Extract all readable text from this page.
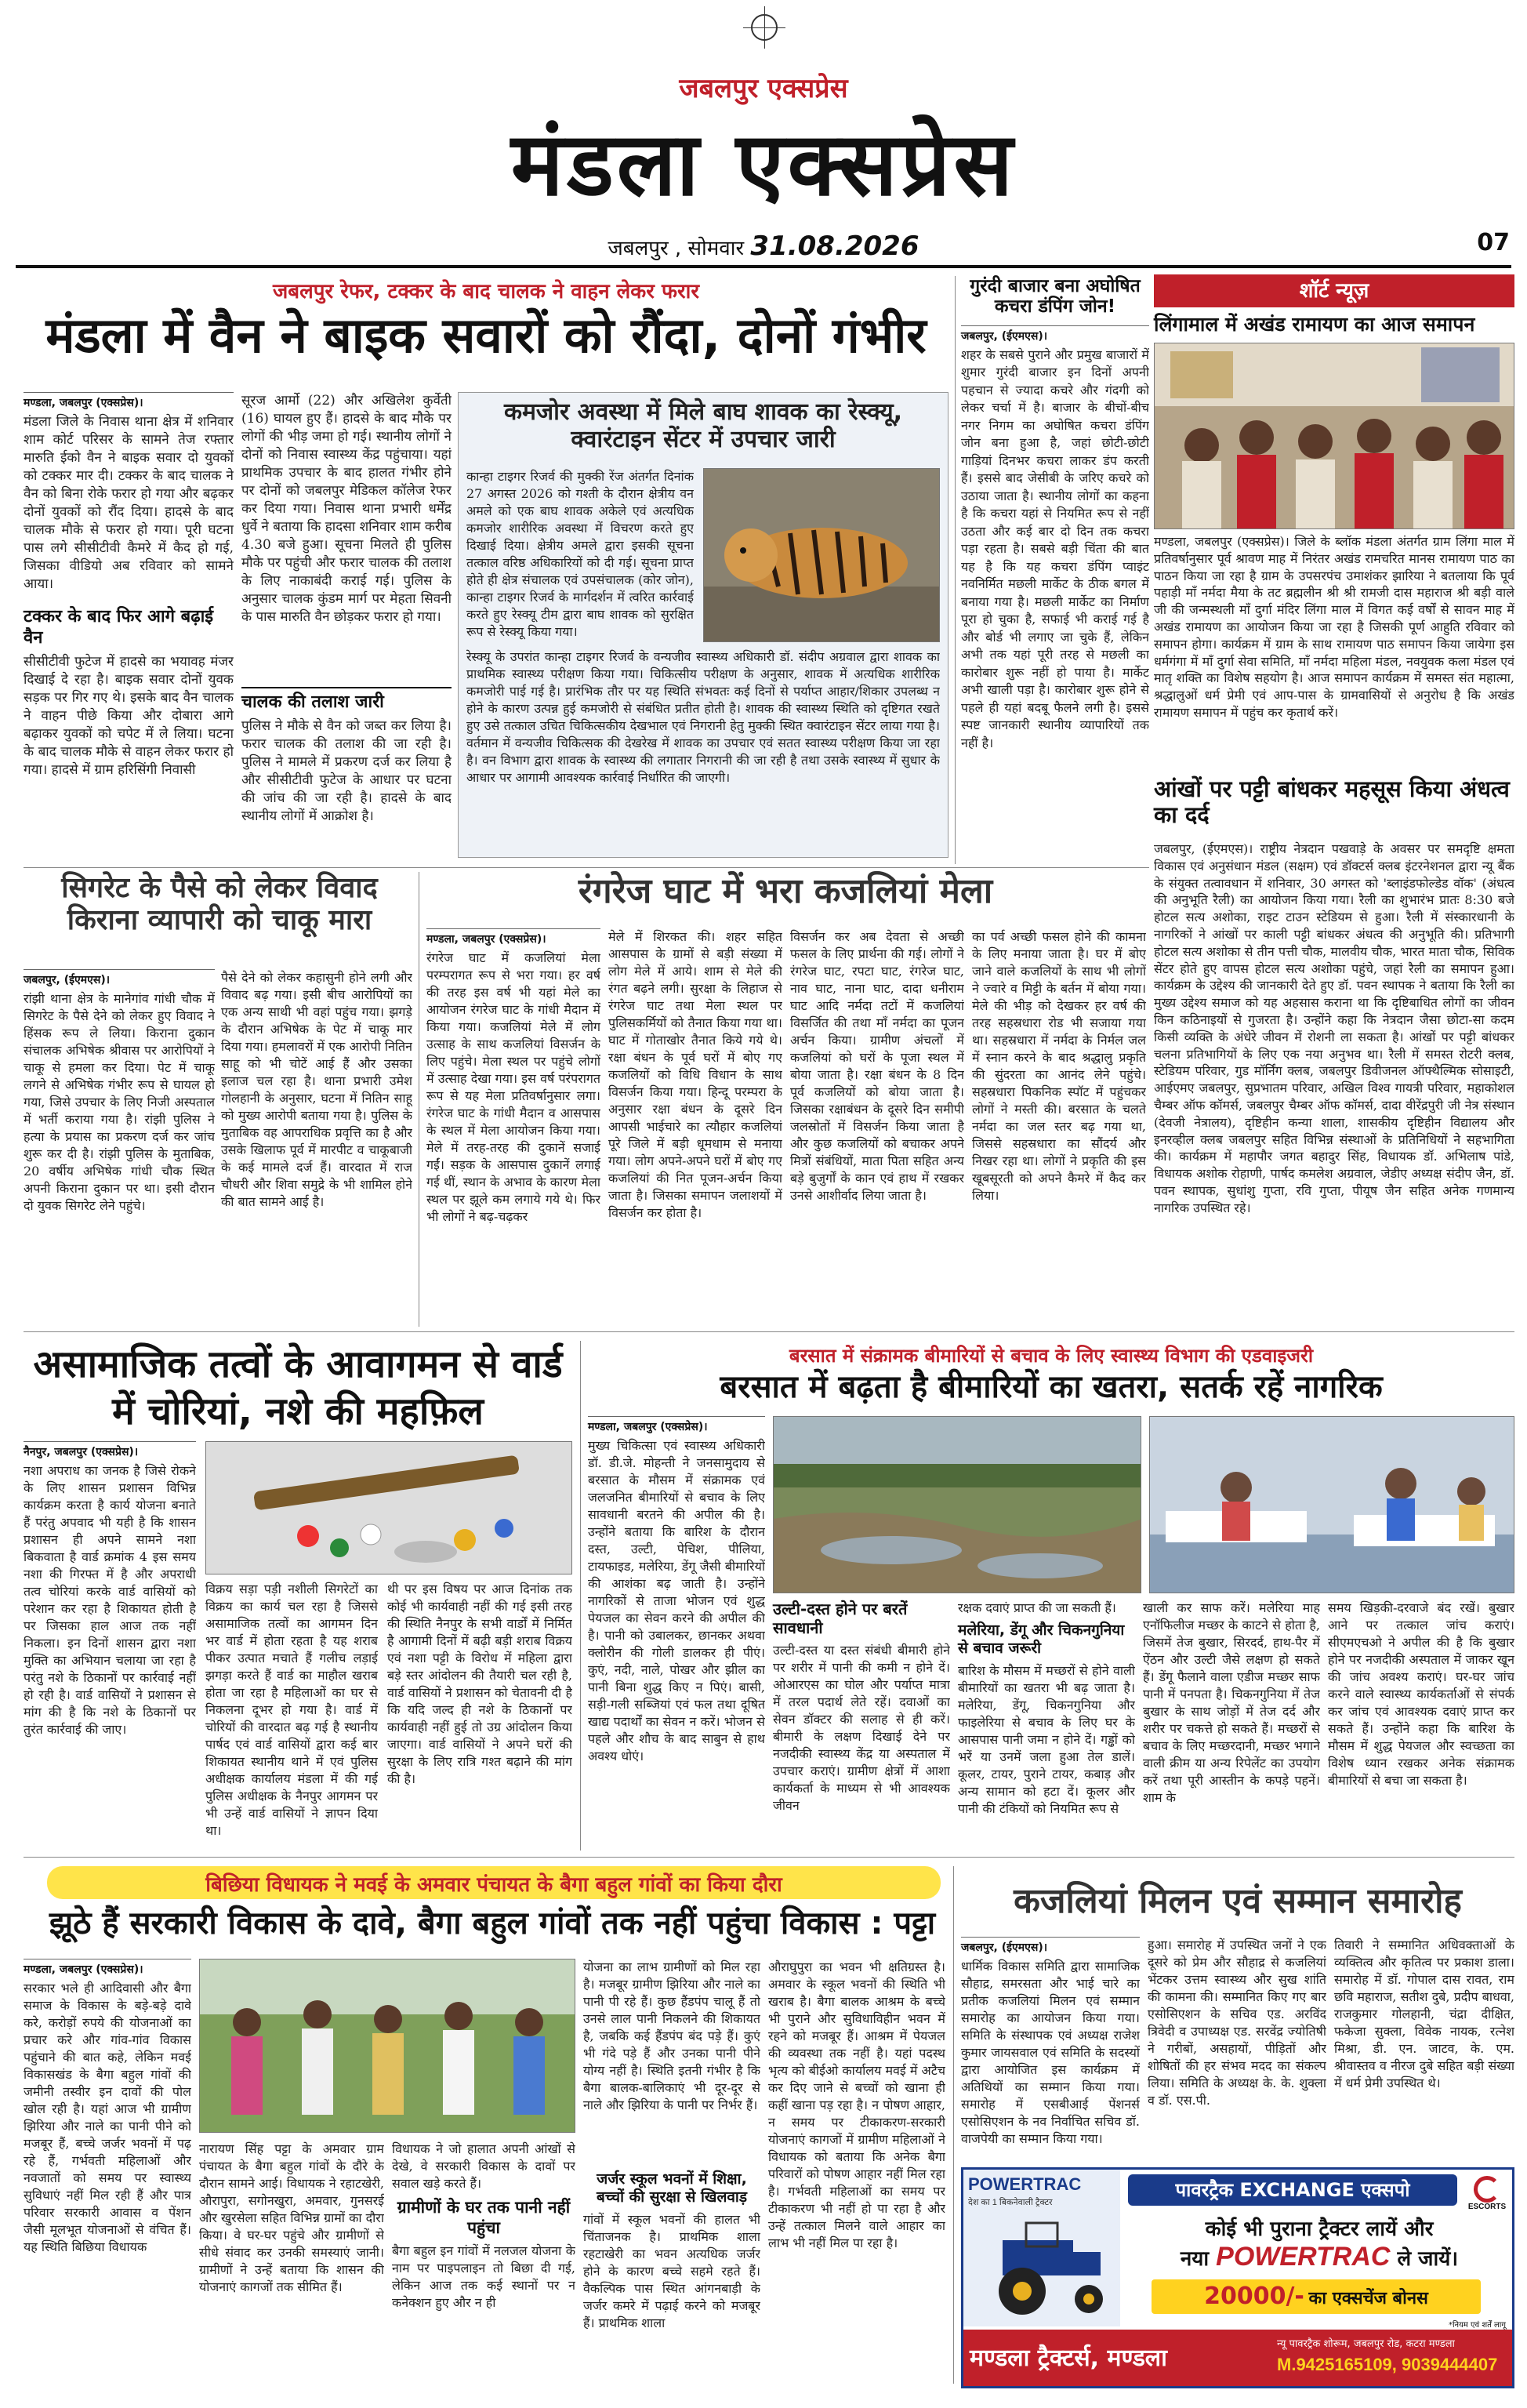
जबलपुर एक्सप्रेस
मंडला एक्सप्रेस
जबलपुर , सोमवार 31.08.2026	07
जबलपुर रेफर, टक्कर के बाद चालक ने वाहन लेकर फरार
मंडला में वैन ने बाइक सवारों को रौंदा, दोनों गंभीर
मण्डला, जबलपुर (एक्सप्रेस)।
मंडला जिले के निवास थाना क्षेत्र में शनिवार शाम कोर्ट परिसर के सामने तेज रफ्तार मारुति ईको वैन ने बाइक सवार दो युवकों को टक्कर मार दी। टक्कर के बाद चालक ने वैन को बिना रोके फरार हो गया और बढ़कर दोनों युवकों को रौंद दिया। हादसे के बाद चालक मौके से फरार हो गया। पूरी घटना पास लगे सीसीटीवी कैमरे में कैद हो गई, जिसका वीडियो अब रविवार को सामने आया।
टक्कर के बाद फिर आगे बढ़ाई वैन
सीसीटीवी फुटेज में हादसे का भयावह मंजर दिखाई दे रहा है। बाइक सवार दोनों युवक सड़क पर गिर गए थे। इसके बाद वैन चालक ने वाहन पीछे किया और दोबारा आगे बढ़ाकर युवकों को चपेट में ले लिया। घटना के बाद चालक मौके से वाहन लेकर फरार हो गया। हादसे में ग्राम हरिसिंगी निवासी
सूरज आर्मो (22) और अखिलेश कुर्वेती (16) घायल हुए हैं। हादसे के बाद मौके पर लोगों की भीड़ जमा हो गई। स्थानीय लोगों ने दोनों को निवास स्वास्थ्य केंद्र पहुंचाया। यहां प्राथमिक उपचार के बाद हालत गंभीर होने पर दोनों को जबलपुर मेडिकल कॉलेज रेफर कर दिया गया। निवास थाना प्रभारी धर्मेंद्र धुर्वे ने बताया कि हादसा शनिवार शाम करीब 4.30 बजे हुआ। सूचना मिलते ही पुलिस मौके पर पहुंची और फरार चालक की तलाश के लिए नाकाबंदी कराई गई। पुलिस के अनुसार चालक कुंडम मार्ग पर मेहता सिवनी के पास मारुति वैन छोड़कर फरार हो गया।
चालक की तलाश जारी
पुलिस ने मौके से वैन को जब्त कर लिया है। फरार चालक की तलाश की जा रही है। पुलिस ने मामले में प्रकरण दर्ज कर लिया है और सीसीटीवी फुटेज के आधार पर घटना की जांच की जा रही है। हादसे के बाद स्थानीय लोगों में आक्रोश है।
कमजोर अवस्था में मिले बाघ शावक का रेस्क्यू, क्वारंटाइन सेंटर में उपचार जारी
कान्हा टाइगर रिजर्व की मुक्की रेंज अंतर्गत दिनांक 27 अगस्त 2026 को गश्ती के दौरान क्षेत्रीय वन अमले को एक बाघ शावक अकेले एवं अत्यधिक कमजोर शारीरिक अवस्था में विचरण करते हुए दिखाई दिया। क्षेत्रीय अमले द्वारा इसकी सूचना तत्काल वरिष्ठ अधिकारियों को दी गई। सूचना प्राप्त होते ही क्षेत्र संचालक एवं उपसंचालक (कोर जोन), कान्हा टाइगर रिजर्व के मार्गदर्शन में त्वरित कार्रवाई करते हुए रेस्क्यू टीम द्वारा बाघ शावक को सुरक्षित रूप से रेस्क्यू किया गया।
रेस्क्यू के उपरांत कान्हा टाइगर रिजर्व के वन्यजीव स्वास्थ्य अधिकारी डॉ. संदीप अग्रवाल द्वारा शावक का प्राथमिक स्वास्थ्य परीक्षण किया गया। चिकित्सीय परीक्षण के अनुसार, शावक में अत्यधिक शारीरिक कमजोरी पाई गई है। प्रारंभिक तौर पर यह स्थिति संभवतः कई दिनों से पर्याप्त आहार/शिकार उपलब्ध न होने के कारण उत्पन्न हुई कमजोरी से संबंधित प्रतीत होती है। शावक की स्वास्थ्य स्थिति को दृष्टिगत रखते हुए उसे तत्काल उचित चिकित्सकीय देखभाल एवं निगरानी हेतु मुक्की स्थित क्वारंटाइन सेंटर लाया गया है। वर्तमान में वन्यजीव चिकित्सक की देखरेख में शावक का उपचार एवं सतत स्वास्थ्य परीक्षण किया जा रहा है। वन विभाग द्वारा शावक के स्वास्थ्य की लगातार निगरानी की जा रही है तथा उसके स्वास्थ्य में सुधार के आधार पर आगामी आवश्यक कार्रवाई निर्धारित की जाएगी।
गुरंदी बाजार बना अघोषित कचरा डंपिंग जोन!
जबलपुर, (ईएमएस)।
शहर के सबसे पुराने और प्रमुख बाजारों में शुमार गुरंदी बाजार इन दिनों अपनी पहचान से ज्यादा कचरे और गंदगी को लेकर चर्चा में है। बाजार के बीचों-बीच नगर निगम का अघोषित कचरा डंपिंग जोन बना हुआ है, जहां छोटी-छोटी गाड़ियां दिनभर कचरा लाकर डंप करती हैं। इससे बाद जेसीबी के जरिए कचरे को उठाया जाता है। स्थानीय लोगों का कहना है कि कचरा यहां से नियमित रूप से नहीं उठता और कई बार दो दिन तक कचरा पड़ा रहता है। सबसे बड़ी चिंता की बात यह है कि यह कचरा डंपिंग प्वाइंट नवनिर्मित मछली मार्केट के ठीक बगल में बनाया गया है। मछली मार्केट का निर्माण पूरा हो चुका है, सफाई भी कराई गई है और बोर्ड भी लगाए जा चुके हैं, लेकिन अभी तक यहां पूरी तरह से मछली का कारोबार शुरू नहीं हो पाया है। मार्केट अभी खाली पड़ा है। कारोबार शुरू होने से पहले ही यहां बदबू फैलने लगी है। इससे स्पष्ट जानकारी स्थानीय व्यापारियों तक नहीं है।
शॉर्ट न्यूज़
लिंगामाल में अखंड रामायण का आज समापन
मण्डला, जबलपुर (एक्सप्रेस)। जिले के ब्लॉक मंडला अंतर्गत ग्राम लिंगा माल में प्रतिवर्षानुसार पूर्व श्रावण माह में निरंतर अखंड रामचरित मानस रामायण पाठ का पाठन किया जा रहा है ग्राम के उपसरपंच उमाशंकर झारिया ने बतलाया कि पूर्व पहाड़ी माँ नर्मदा मैया के तट ब्रह्मलीन श्री श्री रामजी दास महाराज श्री बड़ी वाले जी की जन्मस्थली माँ दुर्गा मंदिर लिंगा माल में विगत कई वर्षों से सावन माह में अखंड रामायण का आयोजन किया जा रहा है जिसकी पूर्ण आहुति रविवार को समापन होगा। कार्यक्रम में ग्राम के साथ रामायण पाठ समापन किया जायेगा इस धर्मगंगा में माँ दुर्गा सेवा समिति, माँ नर्मदा महिला मंडल, नवयुवक कला मंडल एवं मातृ शक्ति का विशेष सहयोग है। आज समापन कार्यक्रम में समस्त संत महात्मा, श्रद्धालुओं धर्म प्रेमी एवं आप-पास के ग्रामवासियों से अनुरोध है कि अखंड रामायण समापन में पहुंच कर कृतार्थ करें।
आंखों पर पट्टी बांधकर महसूस किया अंधत्व का दर्द
जबलपुर, (ईएमएस)। राष्ट्रीय नेत्रदान पखवाड़े के अवसर पर समदृष्टि क्षमता विकास एवं अनुसंधान मंडल (सक्षम) एवं डॉक्टर्स क्लब इंटरनेशनल द्वारा न्यू बैंक के संयुक्त तत्वावधान में शनिवार, 30 अगस्त को 'ब्लाइंडफोल्डेड वॉक' (अंधत्व की अनुभूति रैली) का आयोजन किया गया। रैली का शुभारंभ प्रातः 8:30 बजे होटल सत्य अशोका, राइट टाउन स्टेडियम से हुआ। रैली में संस्कारधानी के नागरिकों ने आंखों पर काली पट्टी बांधकर अंधत्व की अनुभूति की। प्रतिभागी होटल सत्य अशोका से तीन पत्ती चौक, मालवीय चौक, भारत माता चौक, सिविक सेंटर होते हुए वापस होटल सत्य अशोका पहुंचे, जहां रैली का समापन हुआ। कार्यक्रम के उद्देश्य की जानकारी देते हुए डॉ. पवन स्थापक ने बताया कि रैली का मुख्य उद्देश्य समाज को यह अहसास कराना था कि दृष्टिबाधित लोगों का जीवन किन कठिनाइयों से गुजरता है। उन्होंने कहा कि नेत्रदान जैसा छोटा-सा कदम किसी व्यक्ति के अंधेरे जीवन में रोशनी ला सकता है। आंखों पर पट्टी बांधकर चलना प्रतिभागियों के लिए एक नया अनुभव था। रैली में समस्त रोटरी क्लब, स्टेडियम परिवार, गुड मॉर्निंग क्लब, जबलपुर डिवीजनल ऑफ्थैल्मिक सोसाइटी, आईएमए जबलपुर, सुप्रभातम परिवार, अखिल विश्व गायत्री परिवार, महाकोशल चैम्बर ऑफ कॉमर्स, जबलपुर चैम्बर ऑफ कॉमर्स, दादा वीरेंद्रपुरी जी नेत्र संस्थान (देवजी नेत्रालय), दृष्टिहीन कन्या शाला, शासकीय दृष्टिहीन विद्यालय और इनरव्हील क्लब जबलपुर सहित विभिन्न संस्थाओं के प्रतिनिधियों ने सहभागिता की। कार्यक्रम में महापौर जगत बहादुर सिंह, विधायक डॉ. अभिलाष पांडे, विधायक अशोक रोहाणी, पार्षद कमलेश अग्रवाल, जेडीए अध्यक्ष संदीप जैन, डॉ. पवन स्थापक, सुधांशु गुप्ता, रवि गुप्ता, पीयूष जैन सहित अनेक गणमान्य नागरिक उपस्थित रहे।
सिगरेट के पैसे को लेकर विवाद किराना व्यापारी को चाकू मारा
जबलपुर, (ईएमएस)।
रांझी थाना क्षेत्र के मानेगांव गांधी चौक में सिगरेट के पैसे देने को लेकर हुए विवाद ने हिंसक रूप ले लिया। किराना दुकान संचालक अभिषेक श्रीवास पर आरोपियों ने चाकू से हमला कर दिया। पेट में चाकू लगने से अभिषेक गंभीर रूप से घायल हो गया, जिसे उपचार के लिए निजी अस्पताल में भर्ती कराया गया है। रांझी पुलिस ने हत्या के प्रयास का प्रकरण दर्ज कर जांच शुरू कर दी है। रांझी पुलिस के मुताबिक, 20 वर्षीय अभिषेक गांधी चौक स्थित अपनी किराना दुकान पर था। इसी दौरान दो युवक सिगरेट लेने पहुंचे।
पैसे देने को लेकर कहासुनी होने लगी और विवाद बढ़ गया। इसी बीच आरोपियों का एक अन्य साथी भी वहां पहुंच गया। झगड़े के दौरान अभिषेक के पेट में चाकू मार दिया गया। हमलावरों में एक आरोपी नितिन साहू को भी चोटें आई हैं और उसका इलाज चल रहा है। थाना प्रभारी उमेश गोलहानी के अनुसार, घटना में नितिन साहू को मुख्य आरोपी बताया गया है। पुलिस के मुताबिक वह आपराधिक प्रवृत्ति का है और उसके खिलाफ पूर्व में मारपीट व चाकूबाजी के कई मामले दर्ज हैं। वारदात में राज चौधरी और शिवा समुद्रे के भी शामिल होने की बात सामने आई है।
रंगरेज घाट में भरा कजलियां मेला
मण्डला, जबलपुर (एक्सप्रेस)।
रंगरेज घाट में कजलियां मेला परम्परागत रूप से भरा गया। हर वर्ष की तरह इस वर्ष भी यहां मेले का आयोजन रंगरेज घाट के गांधी मैदान में किया गया। कजलियां मेले में लोग उत्साह के साथ कजलियां विसर्जन के लिए पहुंचे। मेला स्थल पर पहुंचे लोगों में उत्साह देखा गया। इस वर्ष परंपरागत रूप से यह मेला प्रतिवर्षानुसार लगा। रंगरेज घाट के गांधी मैदान व आसपास के स्थल में मेला आयोजन किया गया। मेले में तरह-तरह की दुकानें सजाई गईं। सड़क के आसपास दुकानें लगाई गई थीं, स्थान के अभाव के कारण मेला स्थल पर झूले कम लगाये गये थे। फिर भी लोगों ने बढ़-चढ़कर
मेले में शिरकत की। शहर सहित आसपास के ग्रामों से बड़ी संख्या में लोग मेले में आये। शाम से मेले की रंगत बढ़ने लगी। सुरक्षा के लिहाज से रंगरेज घाट तथा मेला स्थल पर पुलिसकर्मियों को तैनात किया गया था। घाट में गोताखोर तैनात किये गये थे। रक्षा बंधन के पूर्व घरों में बोए गए कजलियों को विधि विधान के साथ विसर्जन किया गया। हिन्दू परम्परा के अनुसार रक्षा बंधन के दूसरे दिन आपसी भाईचारे का त्यौहार कजलियां पूरे जिले में बड़ी धूमधाम से मनाया गया। लोग अपने-अपने घरों में बोए गए कजलियां की नित पूजन-अर्चन किया जाता है। जिसका समापन जलाशयों में विसर्जन कर होता है।
विसर्जन कर अब देवता से अच्छी फसल के लिए प्रार्थना की गई। लोगों ने रंगरेज घाट, रपटा घाट, रंगरेज घाट, नाव घाट, नाना घाट, दादा धनीराम घाट आदि नर्मदा तटों में कजलियां विसर्जित की तथा माँ नर्मदा का पूजन अर्चन किया। ग्रामीण अंचलों में कजलियां को घरों के पूजा स्थल में बोया जाता है। रक्षा बंधन के 8 दिन पूर्व कजलियों को बोया जाता है। जिसका रक्षाबंधन के दूसरे दिन समीपी जलस्रोतों में विसर्जन किया जाता है और कुछ कजलियों को बचाकर अपने मित्रों संबंधियों, माता पिता सहित अन्य बड़े बुजुर्गों के कान एवं हाथ में रखकर उनसे आशीर्वाद लिया जाता है।
का पर्व अच्छी फसल होने की कामना के लिए मनाया जाता है। घर में बोए जाने वाले कजलियों के साथ भी लोगों ने ज्वारे व मिट्टी के बर्तन में बोया गया। मेले की भीड़ को देखकर हर वर्ष की तरह सहस्रधारा रोड भी सजाया गया था। सहस्रधारा में नर्मदा के निर्मल जल में स्नान करने के बाद श्रद्धालु प्रकृति की सुंदरता का आनंद लेने पहुंचे। सहस्रधारा पिकनिक स्पॉट में पहुंचकर लोगों ने मस्ती की। बरसात के चलते नर्मदा का जल स्तर बढ़ गया था, जिससे सहस्रधारा का सौंदर्य और निखर रहा था। लोगों ने प्रकृति की इस खूबसूरती को अपने कैमरे में कैद कर लिया।
असामाजिक तत्वों के आवागमन से वार्ड में चोरियां, नशे की महफ़िल
नैनपुर, जबलपुर (एक्सप्रेस)।
नशा अपराध का जनक है जिसे रोकने के लिए शासन प्रशासन विभिन्न कार्यक्रम करता है कार्य योजना बनाते हैं परंतु अपवाद भी यही है कि शासन प्रशासन ही अपने सामने नशा बिकवाता है वार्ड क्रमांक 4 इस समय नशा की गिरफ्त में है और अपराधी तत्व चोरियां करके वार्ड वासियों को परेशान कर रहा है शिकायत होती है पर जिसका हाल आज तक नहीं निकला। इन दिनों शासन द्वारा नशा मुक्ति का अभियान चलाया जा रहा है परंतु नशे के ठिकानों पर कार्रवाई नहीं हो रही है। वार्ड वासियों ने प्रशासन से मांग की है कि नशे के ठिकानों पर तुरंत कार्रवाई की जाए।
विक्रय सड़ा पड़ी नशीली सिगरेटों का विक्रय का कार्य चल रहा है जिससे असामाजिक तत्वों का आगमन दिन भर वार्ड में होता रहता है यह शराब पीकर उत्पात मचाते हैं गलीच लड़ाई झगड़ा करते हैं वार्ड का माहौल खराब होता जा रहा है महिलाओं का घर से निकलना दूभर हो गया है। वार्ड में चोरियों की वारदात बढ़ गई है स्थानीय पार्षद एवं वार्ड वासियों द्वारा कई बार शिकायत स्थानीय थाने में एवं पुलिस अधीक्षक कार्यालय मंडला में की गई पुलिस अधीक्षक के नैनपुर आगमन पर भी उन्हें वार्ड वासियों ने ज्ञापन दिया था।
थी पर इस विषय पर आज दिनांक तक कोई भी कार्यवाही नहीं की गई इसी तरह की स्थिति नैनपुर के सभी वार्डों में निर्मित है आगामी दिनों में बढ़ी बड़ी शराब विक्रय एवं नशा पट्टी के विरोध में महिला द्वारा बड़े स्तर आंदोलन की तैयारी चल रही है, वार्ड वासियों ने प्रशासन को चेतावनी दी है कि यदि जल्द ही नशे के ठिकानों पर कार्यवाही नहीं हुई तो उग्र आंदोलन किया जाएगा। वार्ड वासियों ने अपने घरों की सुरक्षा के लिए रात्रि गश्त बढ़ाने की मांग की है।
बरसात में संक्रामक बीमारियों से बचाव के लिए स्वास्थ्य विभाग की एडवाइजरी
बरसात में बढ़ता है बीमारियों का खतरा, सतर्क रहें नागरिक
मण्डला, जबलपुर (एक्सप्रेस)।
मुख्य चिकित्सा एवं स्वास्थ्य अधिकारी डॉ. डी.जे. मोहन्ती ने जनसामुदाय से बरसात के मौसम में संक्रामक एवं जलजनित बीमारियों से बचाव के लिए सावधानी बरतने की अपील की है। उन्होंने बताया कि बारिश के दौरान दस्त, उल्टी, पेचिश, पीलिया, टायफाइड, मलेरिया, डेंगू जैसी बीमारियों की आशंका बढ़ जाती है। उन्होंने नागरिकों से ताजा भोजन एवं शुद्ध पेयजल का सेवन करने की अपील की है। पानी को उबालकर, छानकर अथवा क्लोरीन की गोली डालकर ही पीएं। कुएं, नदी, नाले, पोखर और झील का पानी बिना शुद्ध किए न पिएं। बासी, सड़ी-गली सब्जियां एवं फल तथा दूषित खाद्य पदार्थों का सेवन न करें। भोजन से पहले और शौच के बाद साबुन से हाथ अवश्य धोएं।
उल्टी-दस्त होने पर बरतें सावधानी
उल्टी-दस्त या दस्त संबंधी बीमारी होने पर शरीर में पानी की कमी न होने दें। ओआरएस का घोल और पर्याप्त मात्रा में तरल पदार्थ लेते रहें। दवाओं का सेवन डॉक्टर की सलाह से ही करें। बीमारी के लक्षण दिखाई देने पर नजदीकी स्वास्थ्य केंद्र या अस्पताल में उपचार कराएं। ग्रामीण क्षेत्रों में आशा कार्यकर्ता के माध्यम से भी आवश्यक जीवन
रक्षक दवाएं प्राप्त की जा सकती हैं।
मलेरिया, डेंगू और चिकनगुनिया से बचाव जरूरी
बारिश के मौसम में मच्छरों से होने वाली बीमारियों का खतरा भी बढ़ जाता है। मलेरिया, डेंगू, चिकनगुनिया और फाइलेरिया से बचाव के लिए घर के आसपास पानी जमा न होने दें। गड्ढों को भरें या उनमें जला हुआ तेल डालें। कूलर, टायर, पुराने टायर, कबाड़ और अन्य सामान को हटा दें। कूलर और पानी की टंकियों को नियमित रूप से
खाली कर साफ करें। मलेरिया माह एनॉफिलीज मच्छर के काटने से होता है, जिसमें तेज बुखार, सिरदर्द, हाथ-पैर में ऐंठन और उल्टी जैसे लक्षण हो सकते हैं। डेंगू फैलाने वाला एडीज मच्छर साफ पानी में पनपता है। चिकनगुनिया में तेज बुखार के साथ जोड़ों में तेज दर्द और शरीर पर चकत्ते हो सकते हैं। मच्छरों से बचाव के लिए मच्छरदानी, मच्छर भगाने वाली क्रीम या अन्य रिपेलेंट का उपयोग करें तथा पूरी आस्तीन के कपड़े पहनें। शाम के
समय खिड़की-दरवाजे बंद रखें। बुखार आने पर तत्काल जांच कराएं। सीएमएचओ ने अपील की है कि बुखार होने पर नजदीकी अस्पताल में जाकर खून की जांच अवश्य कराएं। घर-घर जांच करने वाले स्वास्थ्य कार्यकर्ताओं से संपर्क कर जांच एवं आवश्यक दवाएं प्राप्त कर सकते हैं। उन्होंने कहा कि बारिश के मौसम में शुद्ध पेयजल और स्वच्छता का विशेष ध्यान रखकर अनेक संक्रामक बीमारियों से बचा जा सकता है।
बिछिया विधायक ने मवई के अमवार पंचायत के बैगा बहुल गांवों का किया दौरा
झूठे हैं सरकारी विकास के दावे, बैगा बहुल गांवों तक नहीं पहुंचा विकास : पट्टा
मण्डला, जबलपुर (एक्सप्रेस)।
सरकार भले ही आदिवासी और बैगा समाज के विकास के बड़े-बड़े दावे करे, करोड़ों रुपये की योजनाओं का प्रचार करे और गांव-गांव विकास पहुंचाने की बात कहे, लेकिन मवई विकासखंड के बैगा बहुल गांवों की जमीनी तस्वीर इन दावों की पोल खोल रही है। यहां आज भी ग्रामीण झिरिया और नाले का पानी पीने को मजबूर हैं, बच्चे जर्जर भवनों में पढ़ रहे हैं, गर्भवती महिलाओं और नवजातों को समय पर स्वास्थ्य सुविधाएं नहीं मिल रही हैं और पात्र परिवार सरकारी आवास व पेंशन जैसी मूलभूत योजनाओं से वंचित हैं। यह स्थिति बिछिया विधायक
नारायण सिंह पट्टा के अमवार ग्राम पंचायत के बैगा बहुल गांवों के दौरे के दौरान सामने आई। विधायक ने रहाटखेरी, औरापुरा, सगोनखुरा, अमवार, गुनसरई और खुरसेला सहित विभिन्न ग्रामों का दौरा किया। वे घर-घर पहुंचे और ग्रामीणों से सीधे संवाद कर उनकी समस्याएं जानी। ग्रामीणों ने उन्हें बताया कि शासन की योजनाएं कागजों तक सीमित हैं।
विधायक ने जो हालात अपनी आंखों से देखे, वे सरकारी विकास के दावों पर सवाल खड़े करते हैं।
ग्रामीणों के घर तक पानी नहीं पहुंचा
बैगा बहुल इन गांवों में नलजल योजना के नाम पर पाइपलाइन तो बिछा दी गई, लेकिन आज तक कई स्थानों पर न कनेक्शन हुए और न ही
योजना का लाभ ग्रामीणों को मिल रहा है। मजबूर ग्रामीण झिरिया और नाले का पानी पी रहे हैं। कुछ हैंडपंप चालू हैं तो उनसे लाल पानी निकलने की शिकायत है, जबकि कई हैंडपंप बंद पड़े हैं। कुएं भी गंदे पड़े हैं और उनका पानी पीने योग्य नहीं है। स्थिति इतनी गंभीर है कि बैगा बालक-बालिकाएं भी दूर-दूर से नाले और झिरिया के पानी पर निर्भर हैं।
जर्जर स्कूल भवनों में शिक्षा, बच्चों की सुरक्षा से खिलवाड़
गांवों में स्कूल भवनों की हालत भी चिंताजनक है। प्राथमिक शाला रहटाखेरी का भवन अत्यधिक जर्जर होने के कारण बच्चे सहमे रहते हैं। वैकल्पिक पास स्थित आंगनबाड़ी के जर्जर कमरे में पढ़ाई करने को मजबूर हैं। प्राथमिक शाला
औराघुपुरा का भवन भी क्षतिग्रस्त है। अमवार के स्कूल भवनों की स्थिति भी खराब है। बैगा बालक आश्रम के बच्चे भी पुराने और सुविधाविहीन भवन में रहने को मजबूर हैं। आश्रम में पेयजल की व्यवस्था तक नहीं है। यहां पदस्थ भृत्य को बीईओ कार्यालय मवई में अटैच कर दिए जाने से बच्चों को खाना ही कहीं खाना पड़ रहा है। न पोषण आहार, न समय पर टीकाकरण-सरकारी योजनाएं कागजों में ग्रामीण महिलाओं ने विधायक को बताया कि अनेक बैगा परिवारों को पोषण आहार नहीं मिल रहा है। गर्भवती महिलाओं का समय पर टीकाकरण भी नहीं हो पा रहा है और उन्हें तत्काल मिलने वाले आहार का लाभ भी नहीं मिल पा रहा है।
कजलियां मिलन एवं सम्मान समारोह
जबलपुर, (ईएमएस)।
धार्मिक विकास समिति द्वारा सामाजिक सौहाद्र, समरसता और भाई चारे का प्रतीक कजलियां मिलन एवं सम्मान समारोह का आयोजन किया गया। समिति के संस्थापक एवं अध्यक्ष राजेश कुमार जायसवाल एवं समिति के सदस्यों द्वारा आयोजित इस कार्यक्रम में अतिथियों का सम्मान किया गया। समारोह में एसबीआई पेंशनर्स एसोसिएशन के नव निर्वाचित सचिव डॉ. वाजपेयी का सम्मान किया गया।
हुआ। समारोह में उपस्थित जनों ने एक दूसरे को प्रेम और सौहाद्र से कजलियां भेंटकर उत्तम स्वास्थ्य और सुख शांति की कामना की। सम्मानित किए गए बार एसोसिएशन के सचिव एड. अरविंद त्रिवेदी व उपाध्यक्ष एड. सरवेंद्र ज्योतिषी ने गरीबों, असहायों, पीड़ितों और शोषितों की हर संभव मदद का संकल्प लिया। समिति के अध्यक्ष के. के. शुक्ला व डॉ. एस.पी.
तिवारी ने सम्मानित अधिवक्ताओं के व्यक्तित्व और कृतित्व पर प्रकाश डाला। समारोह में डॉ. गोपाल दास रावत, राम छवि महाराज, सतीश दुबे, प्रदीप बाधवा, राजकुमार गोलहानी, चंद्रा दीक्षित, फकेजा सुक्ला, विवेक नायक, रत्नेश मिश्रा, डी. एन. जाटव, के. एम. श्रीवास्तव व नीरज दुबे सहित बड़ी संख्या में धर्म प्रेमी उपस्थित थे।
POWERTRAC
देश का 1 बिकनेवाली ट्रैक्टर
पावरट्रैक EXCHANGE एक्सपो
ESCORTS
कोई भी पुराना ट्रैक्टर लायें और
नया POWERTRAC ले जायें।
20000/- का एक्सचेंज बोनस
*नियम एवं शर्तें लागू
मण्डला ट्रैक्टर्स, मण्डला
न्यू पावरट्रैक शोरूम, जबलपुर रोड, कटरा मण्डला
M.9425165109, 9039444407
